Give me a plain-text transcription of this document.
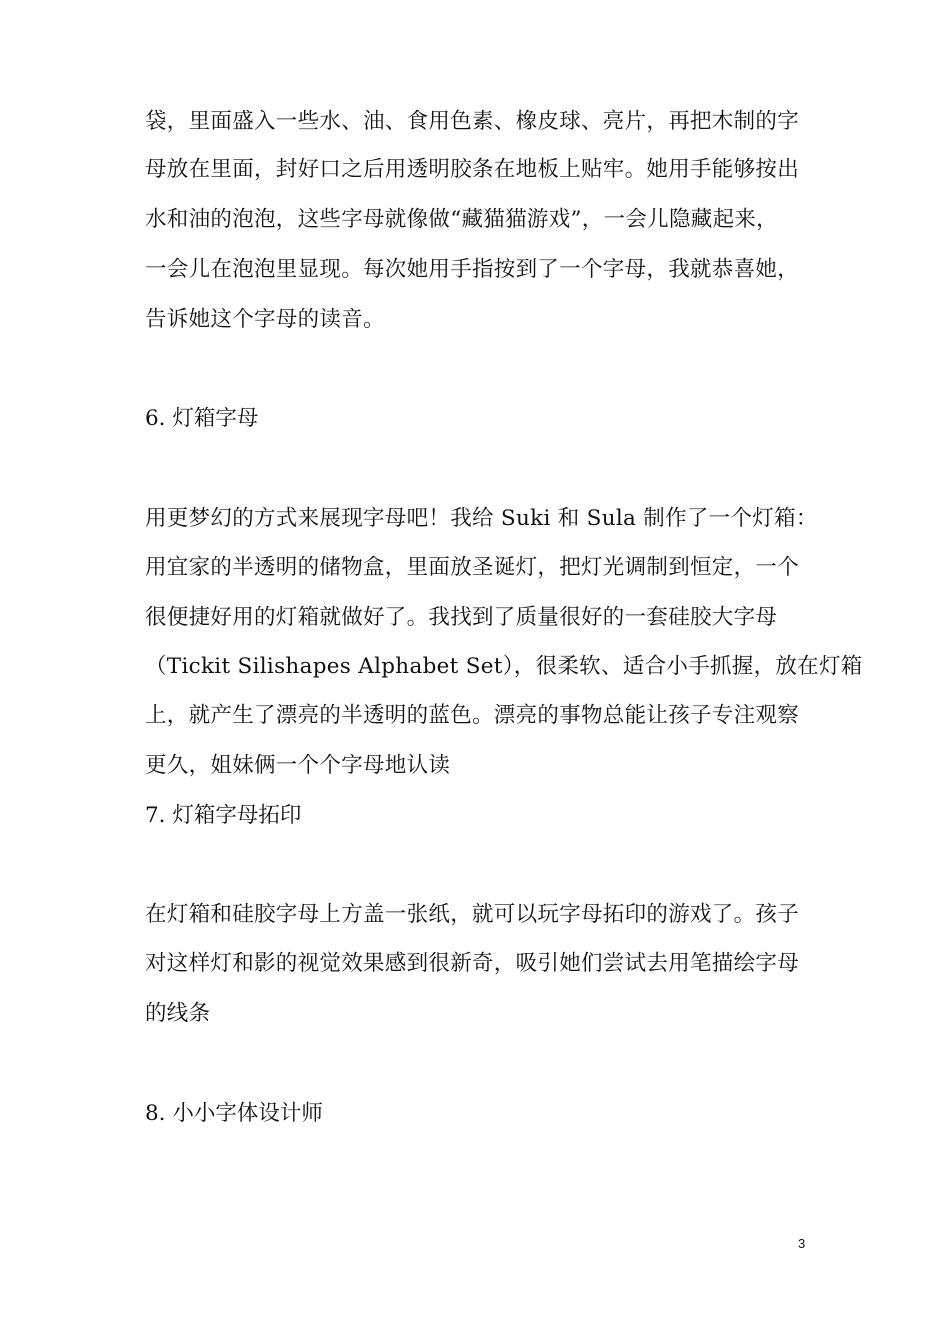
袋，里面盛入一些水、油、食用色素、橡皮球、亮片，再把木制的字
母放在里面，封好口之后用透明胶条在地板上贴牢。她用手能够按出
水和油的泡泡，这些字母就像做“藏猫猫游戏”，一会儿隐藏起来，
一会儿在泡泡里显现。每次她用手指按到了一个字母，我就恭喜她，
告诉她这个字母的读音。
6. 灯箱字母
用更梦幻的方式来展现字母吧！我给 Suki 和 Sula 制作了一个灯箱：
用宜家的半透明的储物盒，里面放圣诞灯，把灯光调制到恒定，一个
很便捷好用的灯箱就做好了。我找到了质量很好的一套硅胶大字母
（Tickit Silishapes Alphabet Set），很柔软、适合小手抓握，放在灯箱
上，就产生了漂亮的半透明的蓝色。漂亮的事物总能让孩子专注观察
更久，姐妹俩一个个字母地认读
7. 灯箱字母拓印
在灯箱和硅胶字母上方盖一张纸，就可以玩字母拓印的游戏了。孩子
对这样灯和影的视觉效果感到很新奇，吸引她们尝试去用笔描绘字母
的线条
8. 小小字体设计师
3
